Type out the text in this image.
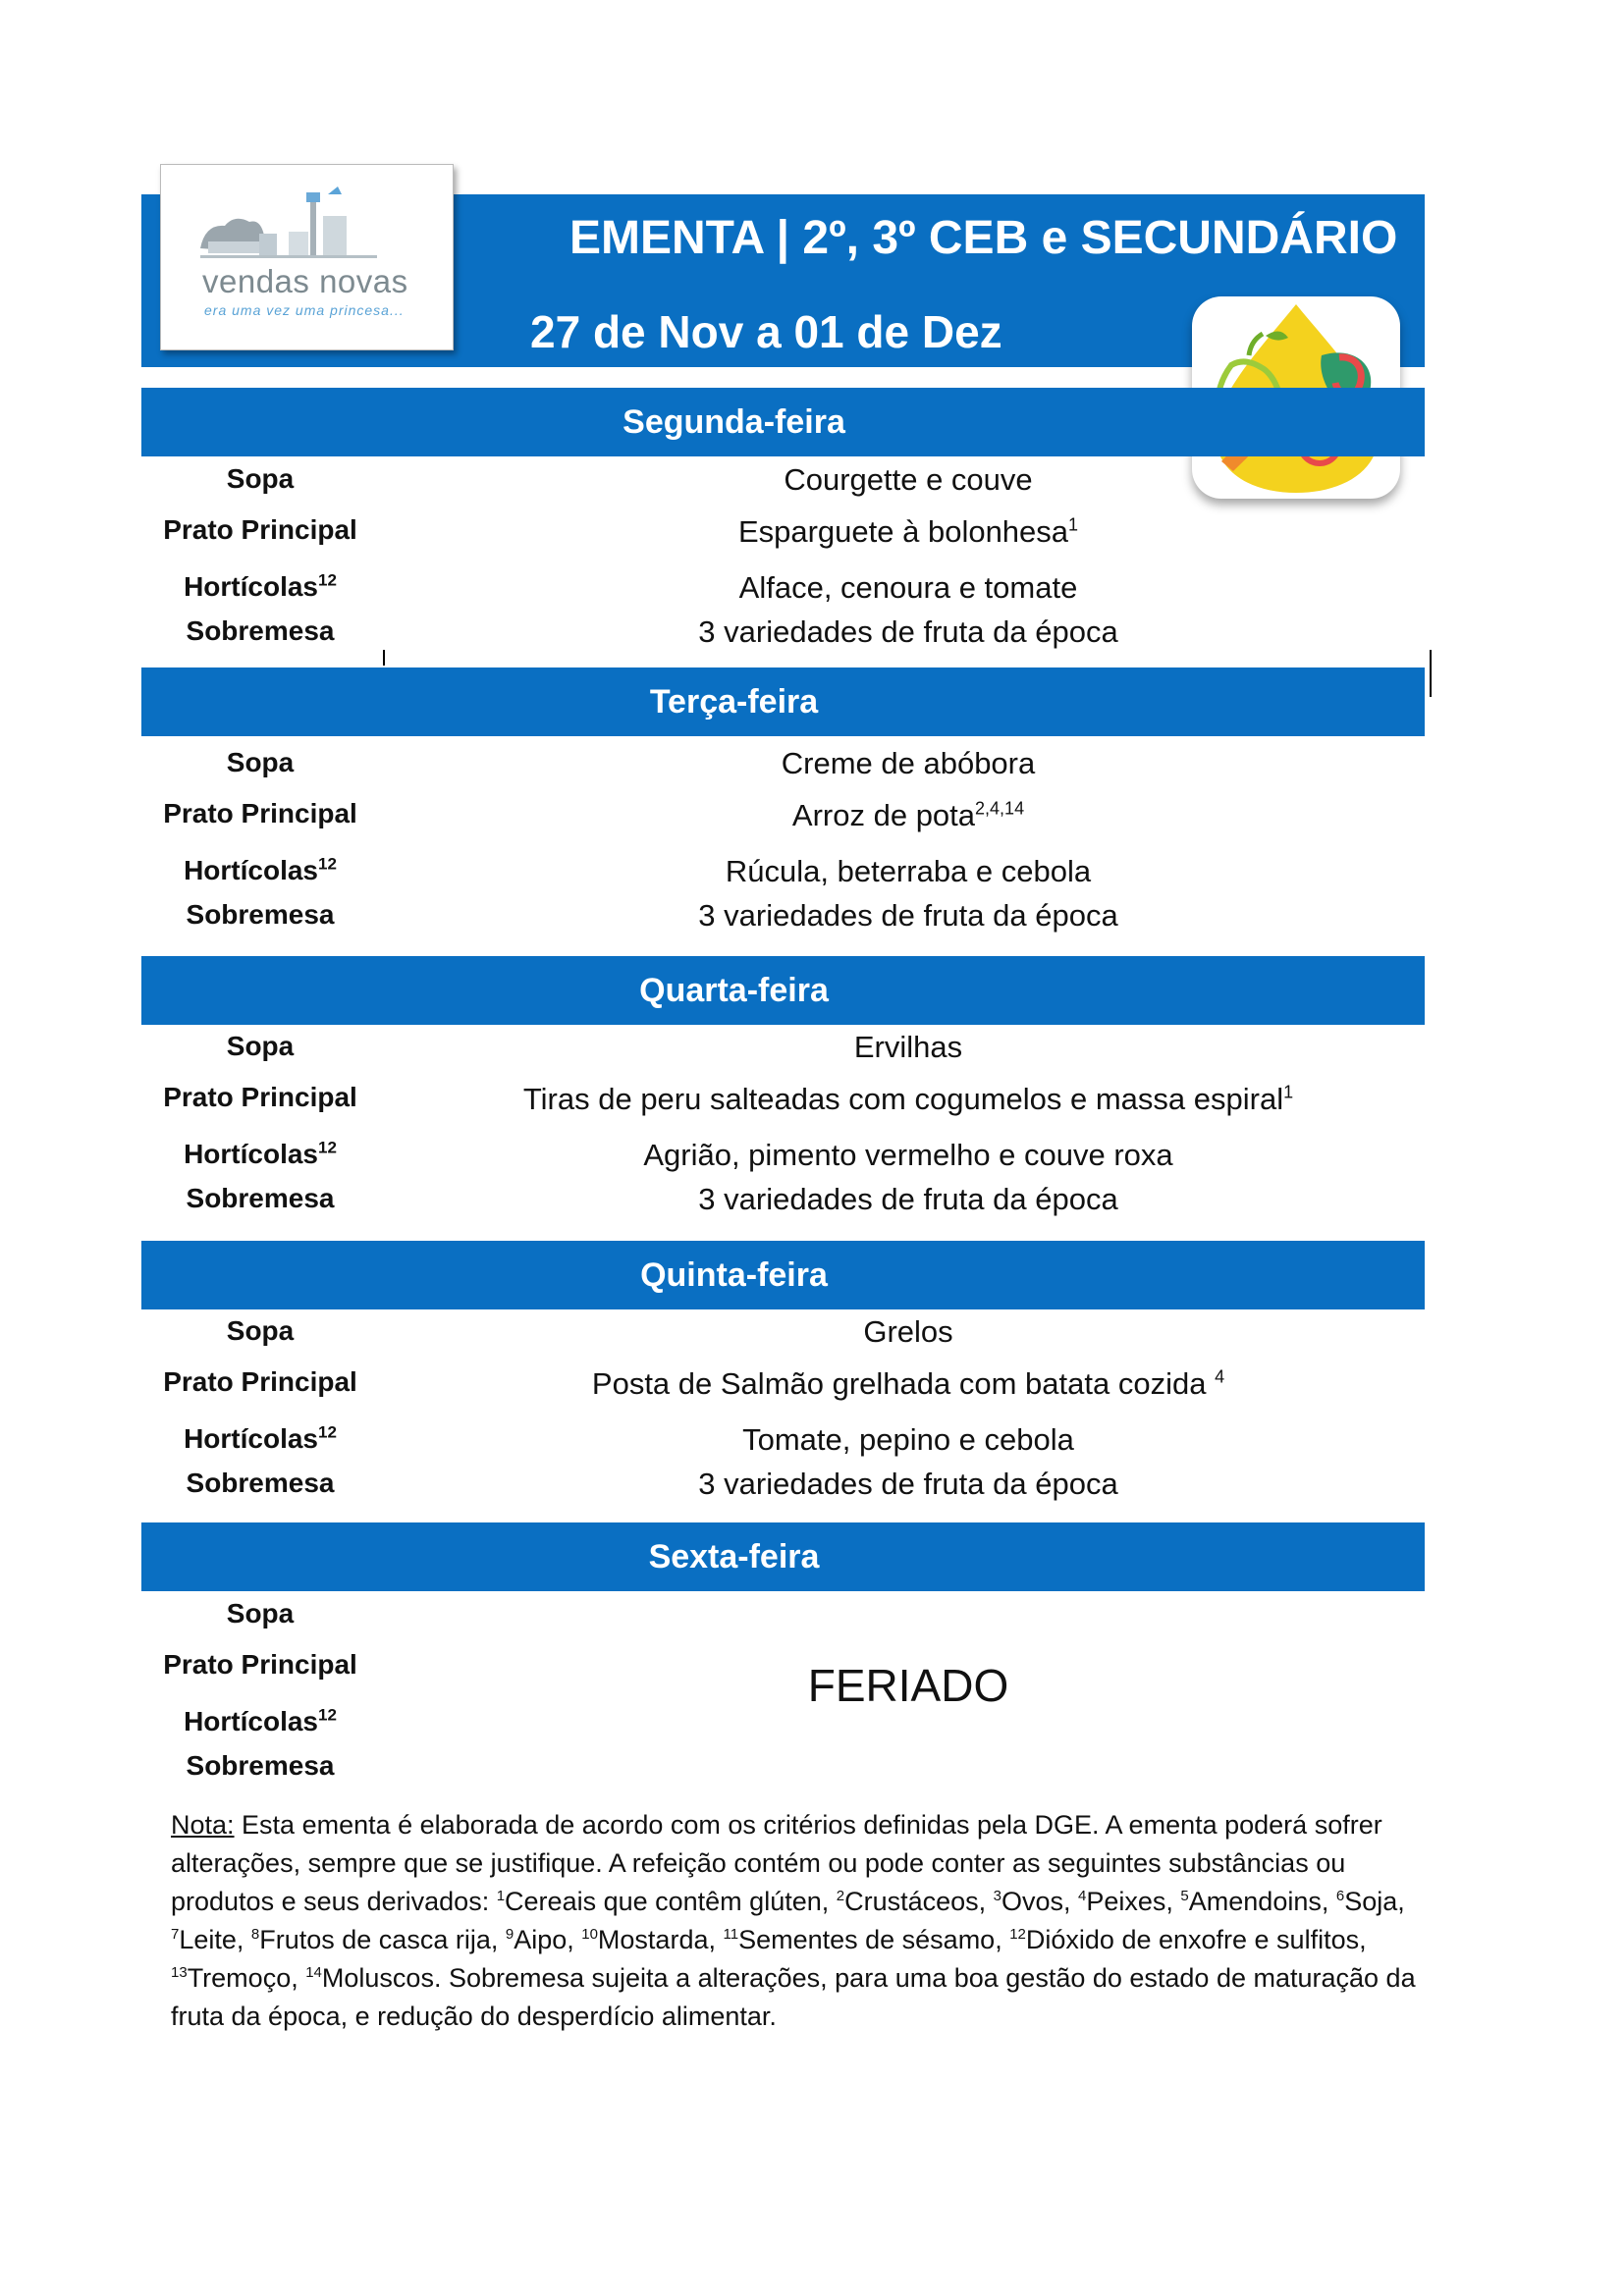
vendas novas
era uma vez uma princesa...
EMENTA | 2º, 3º CEB e SECUNDÁRIO
27 de Nov a 01 de Dez
Segunda-feira
Sopa
Prato Principal
Hortícolas$^{12}$
Sobremesa
Courgette e couve
Esparguete à bolonhesa$^1$
Alface, cenoura e tomate
3 variedades de fruta da época
Terça-feira
Sopa
Prato Principal
Hortícolas$^{12}$
Sobremesa
Creme de abóbora
Arroz de pota$^{2,4,14}$
Rúcula, beterraba e cebola
3 variedades de fruta da época
Quarta-feira
Sopa
Prato Principal
Hortícolas$^{12}$
Sobremesa
Ervilhas
Tiras de peru salteadas com cogumelos e massa espiral$^1$
Agrião, pimento vermelho e couve roxa
3 variedades de fruta da época
Quinta-feira
Sopa
Prato Principal
Hortícolas$^{12}$
Sobremesa
Grelos
Posta de Salmão grelhada com batata cozida $^4$
Tomate, pepino e cebola
3 variedades de fruta da época
Sexta-feira
Sopa
Prato Principal
Hortícolas$^{12}$
Sobremesa
FERIADO
Nota: Esta ementa é elaborada de acordo com os critérios definidas pela DGE. A ementa poderá sofrer alterações, sempre que se justifique. A refeição contém ou pode conter as seguintes substâncias ou produtos e seus derivados: $^1$Cereais que contêm glúten, $^2$Crustáceos, $^3$Ovos, $^4$Peixes, $^5$Amendoins, $^6$Soja, $^7$Leite, $^8$Frutos de casca rija, $^9$Aipo, $^{10}$Mostarda, $^{11}$Sementes de sésamo, $^{12}$Dióxido de enxofre e sulfitos, $^{13}$Tremoço, $^{14}$Moluscos. Sobremesa sujeita a alterações, para uma boa gestão do estado de maturação da fruta da época, e redução do desperdício alimentar.
